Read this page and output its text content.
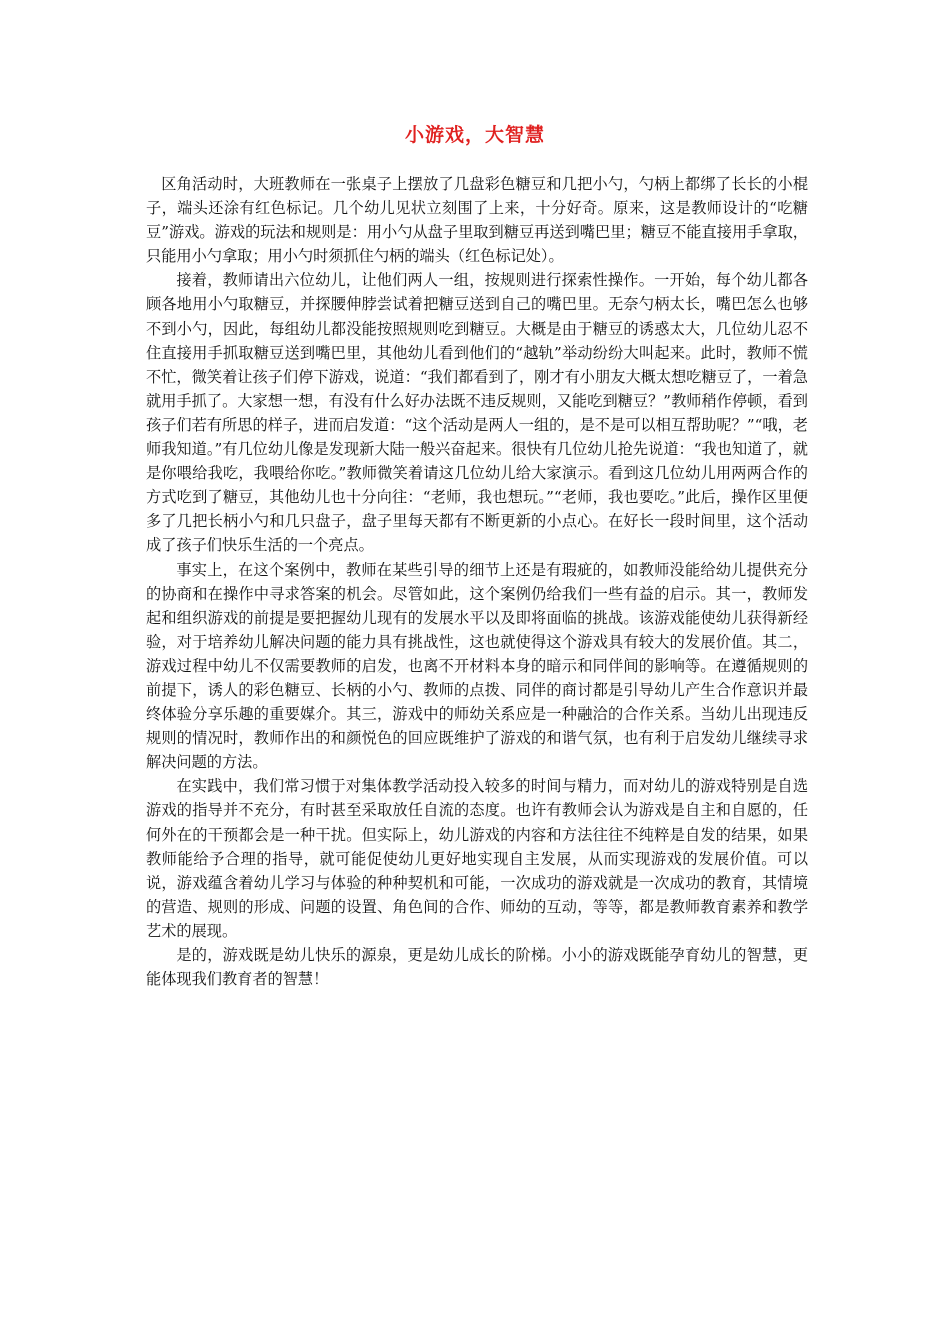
小游戏，大智慧

区角活动时，大班教师在一张桌子上摆放了几盘彩色糖豆和几把小勺，勺柄上都绑了长长的小棍子，端头还涂有红色标记。几个幼儿见状立刻围了上来，十分好奇。原来，这是教师设计的“吃糖豆”游戏。游戏的玩法和规则是：用小勺从盘子里取到糖豆再送到嘴巴里；糖豆不能直接用手拿取，只能用小勺拿取；用小勺时须抓住勺柄的端头（红色标记处）。

接着，教师请出六位幼儿，让他们两人一组，按规则进行探索性操作。一开始，每个幼儿都各顾各地用小勺取糖豆，并探腰伸脖尝试着把糖豆送到自己的嘴巴里。无奈勺柄太长，嘴巴怎么也够不到小勺，因此，每组幼儿都没能按照规则吃到糖豆。大概是由于糖豆的诱惑太大，几位幼儿忍不住直接用手抓取糖豆送到嘴巴里，其他幼儿看到他们的“越轨”举动纷纷大叫起来。此时，教师不慌不忙，微笑着让孩子们停下游戏，说道：“我们都看到了，刚才有小朋友大概太想吃糖豆了，一着急就用手抓了。大家想一想，有没有什么好办法既不违反规则，又能吃到糖豆？”教师稍作停顿，看到孩子们若有所思的样子，进而启发道：“这个活动是两人一组的，是不是可以相互帮助呢？”“哦，老师我知道。”有几位幼儿像是发现新大陆一般兴奋起来。很快有几位幼儿抢先说道：“我也知道了，就是你喂给我吃，我喂给你吃。”教师微笑着请这几位幼儿给大家演示。看到这几位幼儿用两两合作的方式吃到了糖豆，其他幼儿也十分向往：“老师，我也想玩。”“老师，我也要吃。”此后，操作区里便多了几把长柄小勺和几只盘子，盘子里每天都有不断更新的小点心。在好长一段时间里，这个活动成了孩子们快乐生活的一个亮点。

事实上，在这个案例中，教师在某些引导的细节上还是有瑕疵的，如教师没能给幼儿提供充分的协商和在操作中寻求答案的机会。尽管如此，这个案例仍给我们一些有益的启示。其一，教师发起和组织游戏的前提是要把握幼儿现有的发展水平以及即将面临的挑战。该游戏能使幼儿获得新经验，对于培养幼儿解决问题的能力具有挑战性，这也就使得这个游戏具有较大的发展价值。其二，游戏过程中幼儿不仅需要教师的启发，也离不开材料本身的暗示和同伴间的影响等。在遵循规则的前提下，诱人的彩色糖豆、长柄的小勺、教师的点拨、同伴的商讨都是引导幼儿产生合作意识并最终体验分享乐趣的重要媒介。其三，游戏中的师幼关系应是一种融洽的合作关系。当幼儿出现违反规则的情况时，教师作出的和颜悦色的回应既维护了游戏的和谐气氛，也有利于启发幼儿继续寻求解决问题的方法。

在实践中，我们常习惯于对集体教学活动投入较多的时间与精力，而对幼儿的游戏特别是自选游戏的指导并不充分，有时甚至采取放任自流的态度。也许有教师会认为游戏是自主和自愿的，任何外在的干预都会是一种干扰。但实际上，幼儿游戏的内容和方法往往不纯粹是自发的结果，如果教师能给予合理的指导，就可能促使幼儿更好地实现自主发展，从而实现游戏的发展价值。可以说，游戏蕴含着幼儿学习与体验的种种契机和可能，一次成功的游戏就是一次成功的教育，其情境的营造、规则的形成、问题的设置、角色间的合作、师幼的互动，等等，都是教师教育素养和教学艺术的展现。

是的，游戏既是幼儿快乐的源泉，更是幼儿成长的阶梯。小小的游戏既能孕育幼儿的智慧，更能体现我们教育者的智慧！
